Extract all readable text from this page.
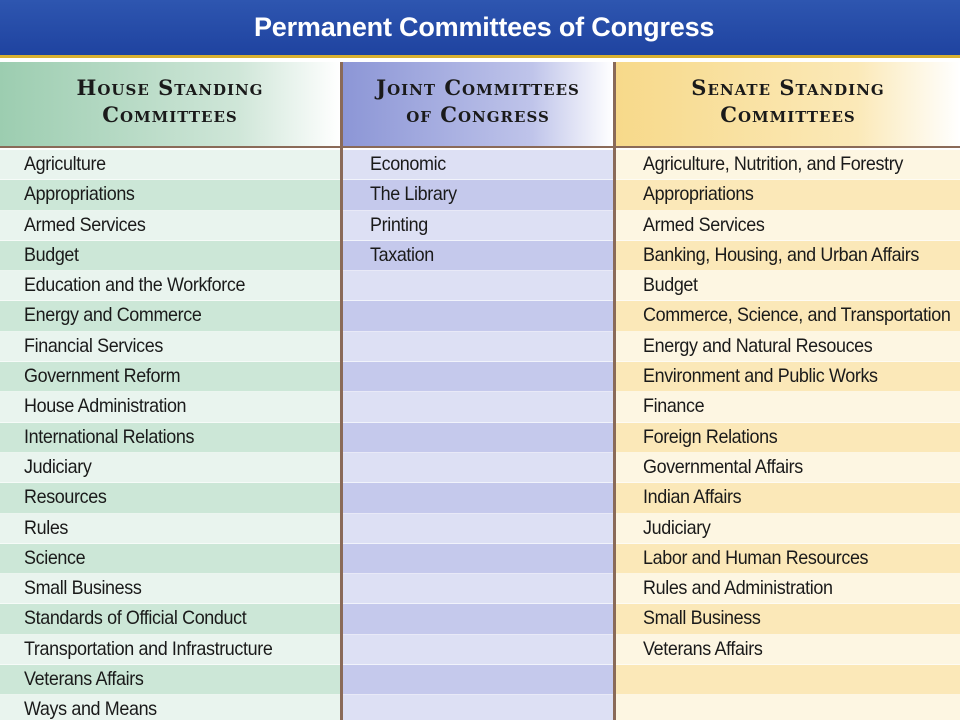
Permanent Committees of Congress
House Standing
Committees
Agriculture
Appropriations
Armed Services
Budget
Education and the Workforce
Energy and Commerce
Financial Services
Government Reform
House Administration
International Relations
Judiciary
Resources
Rules
Science
Small Business
Standards of Official Conduct
Transportation and Infrastructure
Veterans Affairs
Ways and Means
Joint Committees
of Congress
Economic
The Library
Printing
Taxation
Senate Standing
Committees
Agriculture, Nutrition, and Forestry
Appropriations
Armed Services
Banking, Housing, and Urban Affairs
Budget
Commerce, Science, and Transportation
Energy and Natural Resouces
Environment and Public Works
Finance
Foreign Relations
Governmental Affairs
Indian Affairs
Judiciary
Labor and Human Resources
Rules and Administration
Small Business
Veterans Affairs
